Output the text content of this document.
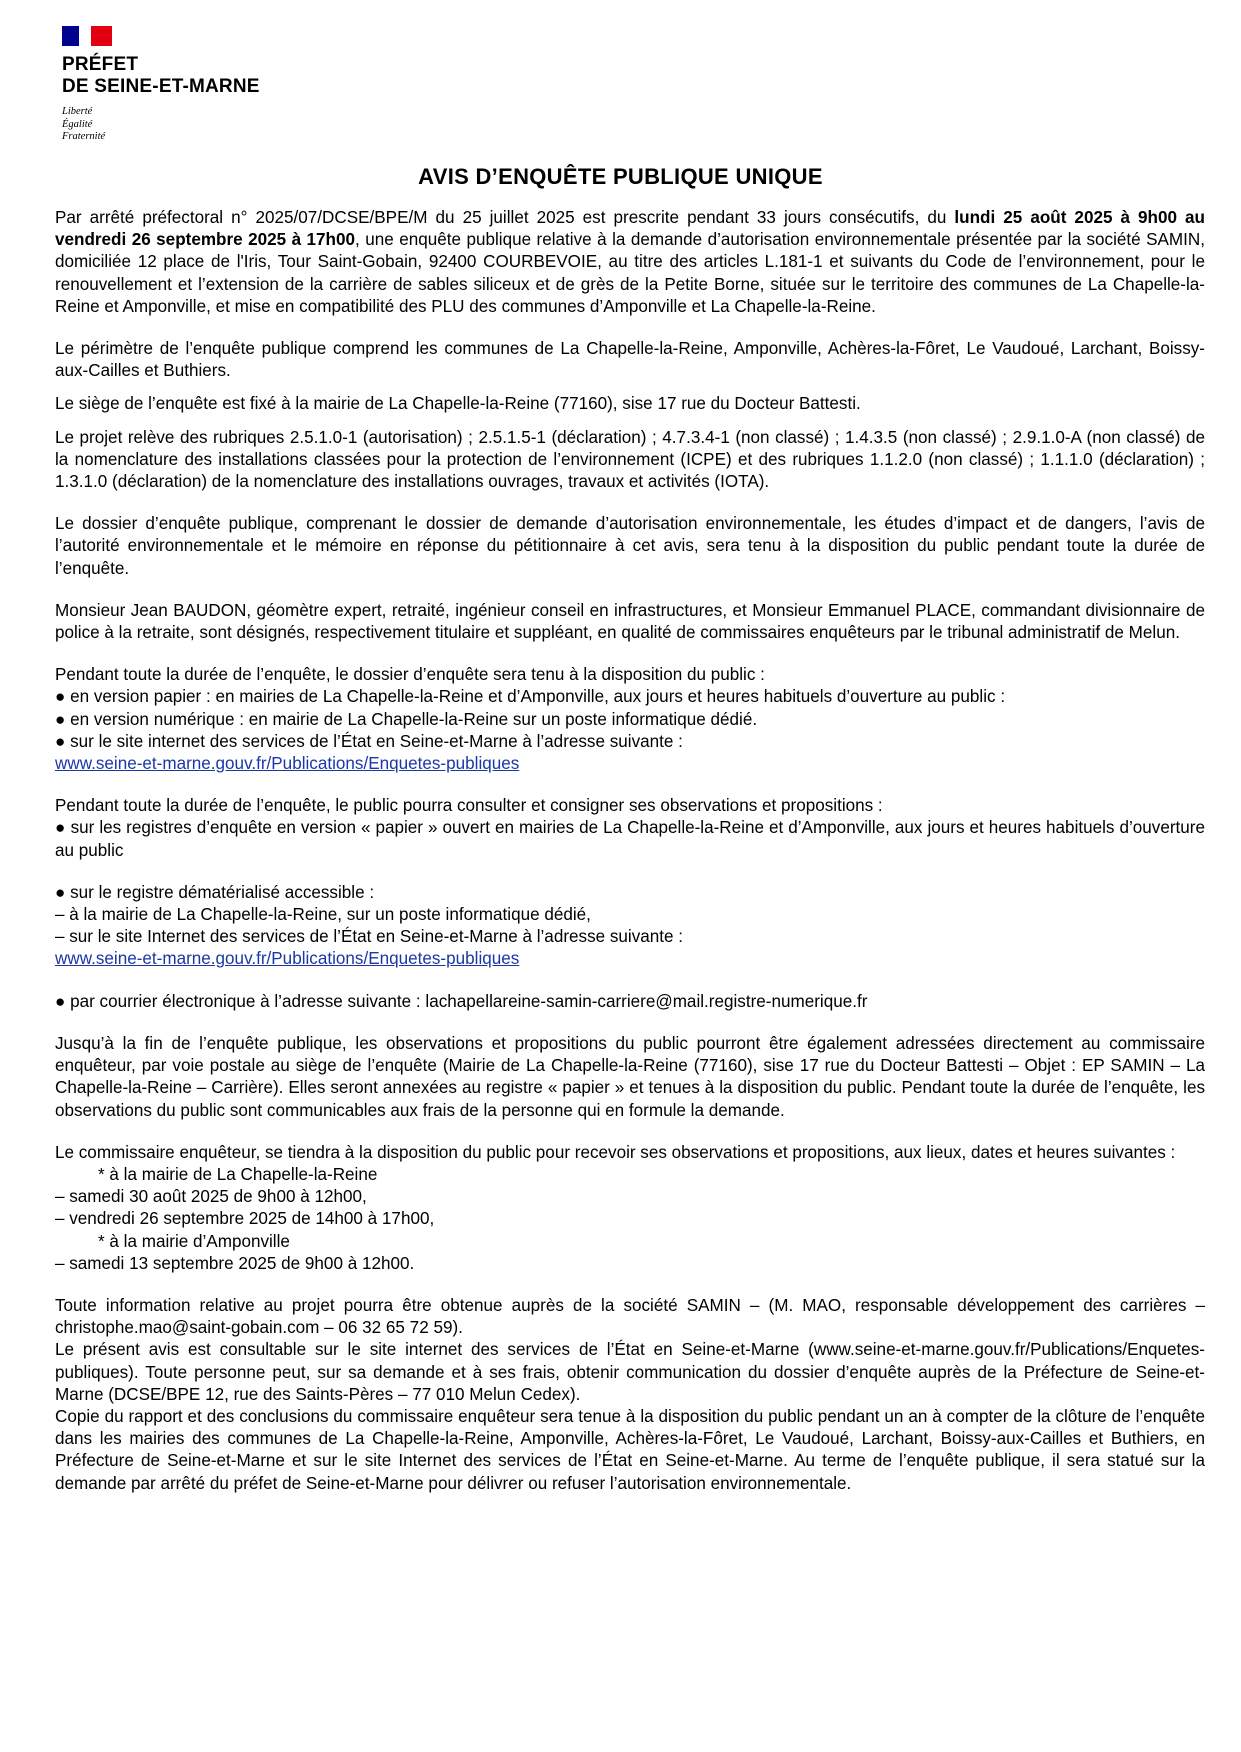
PRÉFET
DE SEINE-ET-MARNE
Liberté
Égalité
Fraternité
AVIS D’ENQUÊTE PUBLIQUE UNIQUE

Par arrêté préfectoral n° 2025/07/DCSE/BPE/M du 25 juillet 2025 est prescrite pendant 33 jours consécutifs, du lundi 25 août 2025 à 9h00 au vendredi 26 septembre 2025 à 17h00, une enquête publique relative à la demande d’autorisation environnementale présentée par la société SAMIN, domiciliée 12 place de l'Iris, Tour Saint-Gobain, 92400 COURBEVOIE, au titre des articles L.181-1 et suivants du Code de l’environnement, pour le renouvellement et l’extension de la carrière de sables siliceux et de grès de la Petite Borne, située sur le territoire des communes de La Chapelle-la-Reine et Amponville, et mise en compatibilité des PLU des communes d’Amponville et La Chapelle-la-Reine.

Le périmètre de l’enquête publique comprend les communes de La Chapelle-la-Reine, Amponville, Achères-la-Fôret, Le Vaudoué, Larchant, Boissy-aux-Cailles et Buthiers.

Le siège de l’enquête est fixé à la mairie de La Chapelle-la-Reine (77160), sise 17 rue du Docteur Battesti.

Le projet relève des rubriques 2.5.1.0-1 (autorisation) ; 2.5.1.5-1 (déclaration) ; 4.7.3.4-1 (non classé) ; 1.4.3.5 (non classé) ; 2.9.1.0-A (non classé) de la nomenclature des installations classées pour la protection de l’environnement (ICPE) et des rubriques 1.1.2.0 (non classé) ; 1.1.1.0 (déclaration) ; 1.3.1.0 (déclaration) de la nomenclature des installations ouvrages, travaux et activités (IOTA).

Le dossier d’enquête publique, comprenant le dossier de demande d’autorisation environnementale, les études d’impact et de dangers, l’avis de l’autorité environnementale et le mémoire en réponse du pétitionnaire à cet avis, sera tenu à la disposition du public pendant toute la durée de l’enquête.

Monsieur Jean BAUDON, géomètre expert, retraité, ingénieur conseil en infrastructures, et Monsieur Emmanuel PLACE, commandant divisionnaire de police à la retraite, sont désignés, respectivement titulaire et suppléant, en qualité de commissaires enquêteurs par le tribunal administratif de Melun.

Pendant toute la durée de l’enquête, le dossier d’enquête sera tenu à la disposition du public :

● en version papier : en mairies de La Chapelle-la-Reine et d’Amponville, aux jours et heures habituels d’ouverture au public :

● en version numérique : en mairie de La Chapelle-la-Reine sur un poste informatique dédié.

● sur le site internet des services de l’État en Seine-et-Marne à l’adresse suivante :

www.seine-et-marne.gouv.fr/Publications/Enquetes-publiques

Pendant toute la durée de l’enquête, le public pourra consulter et consigner ses observations et propositions :

● sur les registres d’enquête en version « papier » ouvert en mairies de La Chapelle-la-Reine et d’Amponville, aux jours et heures habituels d’ouverture au public

● sur le registre dématérialisé accessible :

– à la mairie de La Chapelle-la-Reine, sur un poste informatique dédié,

– sur le site Internet des services de l’État en Seine-et-Marne à l’adresse suivante :

www.seine-et-marne.gouv.fr/Publications/Enquetes-publiques

● par courrier électronique à l’adresse suivante : lachapellareine-samin-carriere@mail.registre-numerique.fr

Jusqu’à la fin de l’enquête publique, les observations et propositions du public pourront être également adressées directement au commissaire enquêteur, par voie postale au siège de l’enquête (Mairie de La Chapelle-la-Reine (77160), sise 17 rue du Docteur Battesti – Objet : EP SAMIN – La Chapelle-la-Reine – Carrière). Elles seront annexées au registre « papier » et tenues à la disposition du public. Pendant toute la durée de l’enquête, les observations du public sont communicables aux frais de la personne qui en formule la demande.

Le commissaire enquêteur, se tiendra à la disposition du public pour recevoir ses observations et propositions, aux lieux, dates et heures suivantes :

* à la mairie de La Chapelle-la-Reine

– samedi 30 août 2025 de 9h00 à 12h00,

– vendredi 26 septembre 2025 de 14h00 à 17h00,

* à la mairie d’Amponville

– samedi 13 septembre 2025 de 9h00 à 12h00.

Toute information relative au projet pourra être obtenue auprès de la société SAMIN – (M. MAO, responsable développement des carrières – christophe.mao@saint-gobain.com – 06 32 65 72 59).

Le présent avis est consultable sur le site internet des services de l’État en Seine-et-Marne (www.seine-et-marne.gouv.fr/Publications/Enquetes-publiques). Toute personne peut, sur sa demande et à ses frais, obtenir communication du dossier d’enquête auprès de la Préfecture de Seine-et-Marne (DCSE/BPE 12, rue des Saints-Pères – 77 010 Melun Cedex).

Copie du rapport et des conclusions du commissaire enquêteur sera tenue à la disposition du public pendant un an à compter de la clôture de l’enquête dans les mairies des communes de La Chapelle-la-Reine, Amponville, Achères-la-Fôret, Le Vaudoué, Larchant, Boissy-aux-Cailles et Buthiers, en Préfecture de Seine-et-Marne et sur le site Internet des services de l’État en Seine-et-Marne. Au terme de l’enquête publique, il sera statué sur la demande par arrêté du préfet de Seine-et-Marne pour délivrer ou refuser l’autorisation environnementale.
